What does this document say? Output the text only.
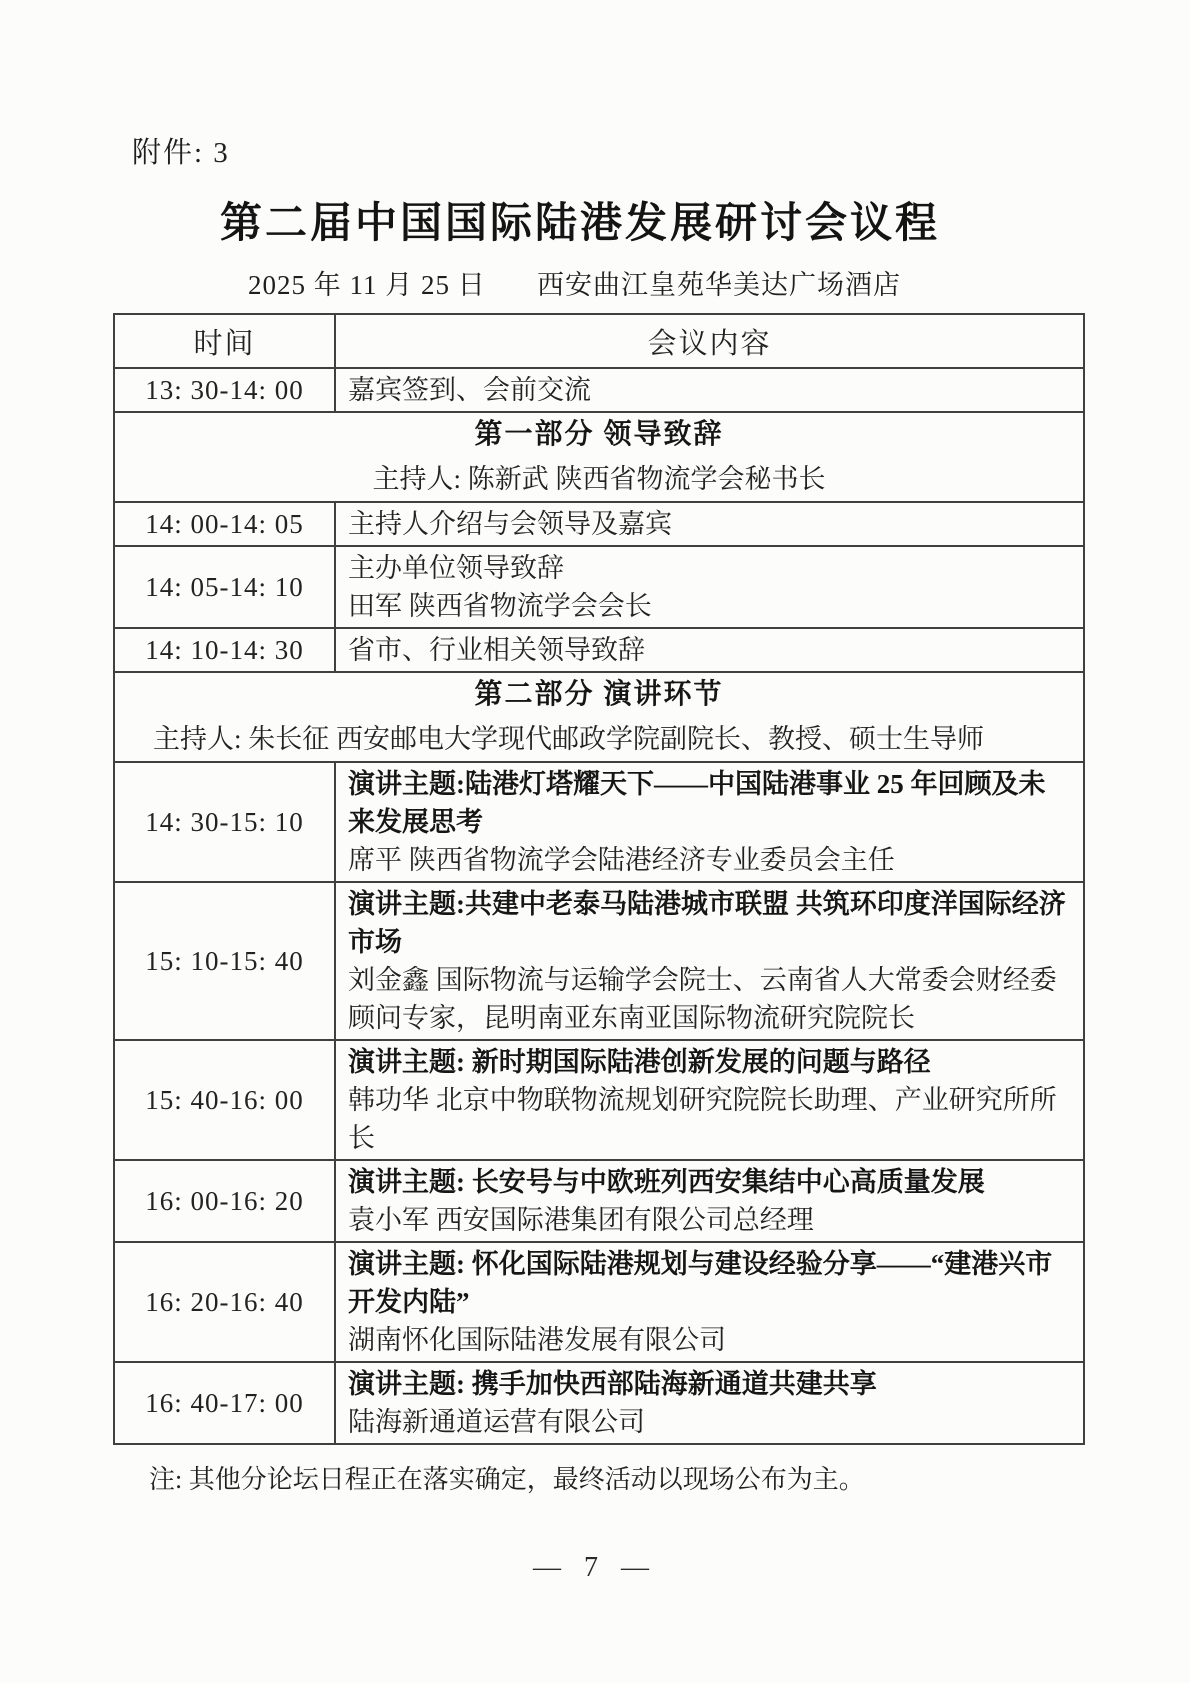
附件: 3
第二届中国国际陆港发展研讨会议程
2025 年 11 月 25 日 西安曲江皇苑华美达广场酒店
时间	会议内容
13: 30-14: 00	嘉宾签到、会前交流

第一部分 领导致辞
主持人: 陈新武 陕西省物流学会秘书长	

14: 00-14: 05	主持人介绍与会领导及嘉宾

14: 05-14: 10	主办单位领导致辞
田军 陕西省物流学会会长

14: 10-14: 30	省市、行业相关领导致辞

第二部分 演讲环节
主持人: 朱长征 西安邮电大学现代邮政学院副院长、教授、硕士生导师	

14: 30-15: 10	演讲主题:陆港灯塔耀天下——中国陆港事业 25 年回顾及未来发展思考
席平 陕西省物流学会陆港经济专业委员会主任

15: 10-15: 40	演讲主题:共建中老泰马陆港城市联盟 共筑环印度洋国际经济市场
刘金鑫 国际物流与运输学会院士、云南省人大常委会财经委顾问专家，昆明南亚东南亚国际物流研究院院长

15: 40-16: 00	演讲主题: 新时期国际陆港创新发展的问题与路径
韩功华 北京中物联物流规划研究院院长助理、产业研究所所长

16: 00-16: 20	演讲主题: 长安号与中欧班列西安集结中心高质量发展
袁小军 西安国际港集团有限公司总经理

16: 20-16: 40	演讲主题: 怀化国际陆港规划与建设经验分享——“建港兴市 开发内陆”
湖南怀化国际陆港发展有限公司

16: 40-17: 00	演讲主题: 携手加快西部陆海新通道共建共享
陆海新通道运营有限公司
注: 其他分论坛日程正在落实确定，最终活动以现场公布为主。
— 7 —
